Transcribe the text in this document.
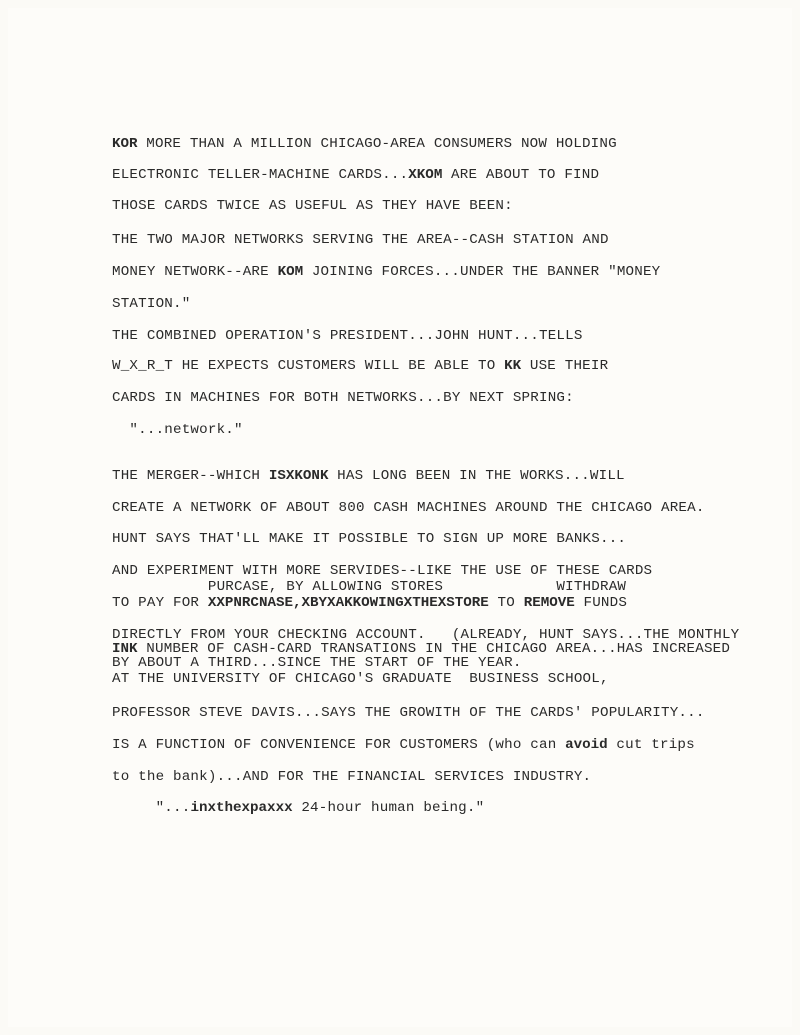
KOR MORE THAN A MILLION CHICAGO-AREA CONSUMERS NOW HOLDING
ELECTRONIC TELLER-MACHINE CARDS...XKOM ARE ABOUT TO FIND
THOSE CARDS TWICE AS USEFUL AS THEY HAVE BEEN:
THE TWO MAJOR NETWORKS SERVING THE AREA--CASH STATION AND
MONEY NETWORK--ARE KOM JOINING FORCES...UNDER THE BANNER "MONEY
STATION."
THE COMBINED OPERATION'S PRESIDENT...JOHN HUNT...TELLS
W_X_R_T HE EXPECTS CUSTOMERS WILL BE ABLE TO KK USE THEIR
CARDS IN MACHINES FOR BOTH NETWORKS...BY NEXT SPRING:
"...network."
THE MERGER--WHICH ISXKONK HAS LONG BEEN IN THE WORKS...WILL
CREATE A NETWORK OF ABOUT 800 CASH MACHINES AROUND THE CHICAGO AREA.
HUNT SAYS THAT'LL MAKE IT POSSIBLE TO SIGN UP MORE BANKS...
AND EXPERIMENT WITH MORE SERVIDES--LIKE THE USE OF THESE CARDS
PURCASE, BY ALLOWING STORES             WITHDRAW
TO PAY FOR XXPNRCNASE,XBYXAKKOWINGXTHEXSTORE TO REMOVE FUNDS
DIRECTLY FROM YOUR CHECKING ACCOUNT.   (ALREADY, HUNT SAYS...THE MONTHLY
INK NUMBER OF CASH-CARD TRANSATIONS IN THE CHICAGO AREA...HAS INCREASED
BY ABOUT A THIRD...SINCE THE START OF THE YEAR.
AT THE UNIVERSITY OF CHICAGO'S GRADUATE  BUSINESS SCHOOL,
PROFESSOR STEVE DAVIS...SAYS THE GROWITH OF THE CARDS' POPULARITY...
IS A FUNCTION OF CONVENIENCE FOR CUSTOMERS (who can avoid cut trips
to the bank)...AND FOR THE FINANCIAL SERVICES INDUSTRY.
"...inxthexpaxxx 24-hour human being."
